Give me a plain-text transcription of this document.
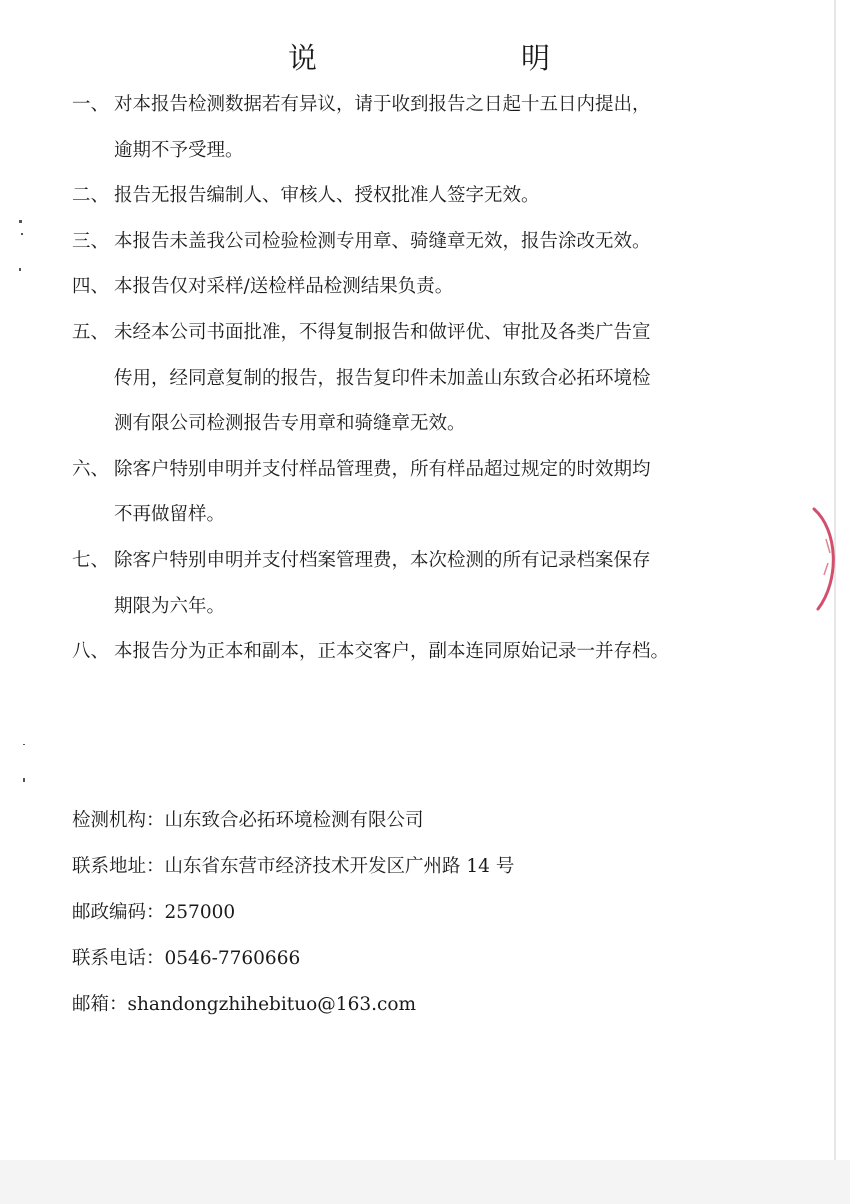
说	明
一、 对本报告检测数据若有异议，请于收到报告之日起十五日内提出，
逾期不予受理。
二、 报告无报告编制人、审核人、授权批准人签字无效。
三、 本报告未盖我公司检验检测专用章、骑缝章无效，报告涂改无效。
四、 本报告仅对采样/送检样品检测结果负责。
五、 未经本公司书面批准，不得复制报告和做评优、审批及各类广告宣
传用，经同意复制的报告，报告复印件未加盖山东致合必拓环境检
测有限公司检测报告专用章和骑缝章无效。
六、 除客户特别申明并支付样品管理费，所有样品超过规定的时效期均
不再做留样。
七、 除客户特别申明并支付档案管理费，本次检测的所有记录档案保存
期限为六年。
八、 本报告分为正本和副本，正本交客户，副本连同原始记录一并存档。
检测机构： 山东致合必拓环境检测有限公司
联系地址： 山东省东营市经济技术开发区广州路 14 号
邮政编码： 257000
联系电话： 0546-7760666
邮箱： shandongzhihebituo@163.com
